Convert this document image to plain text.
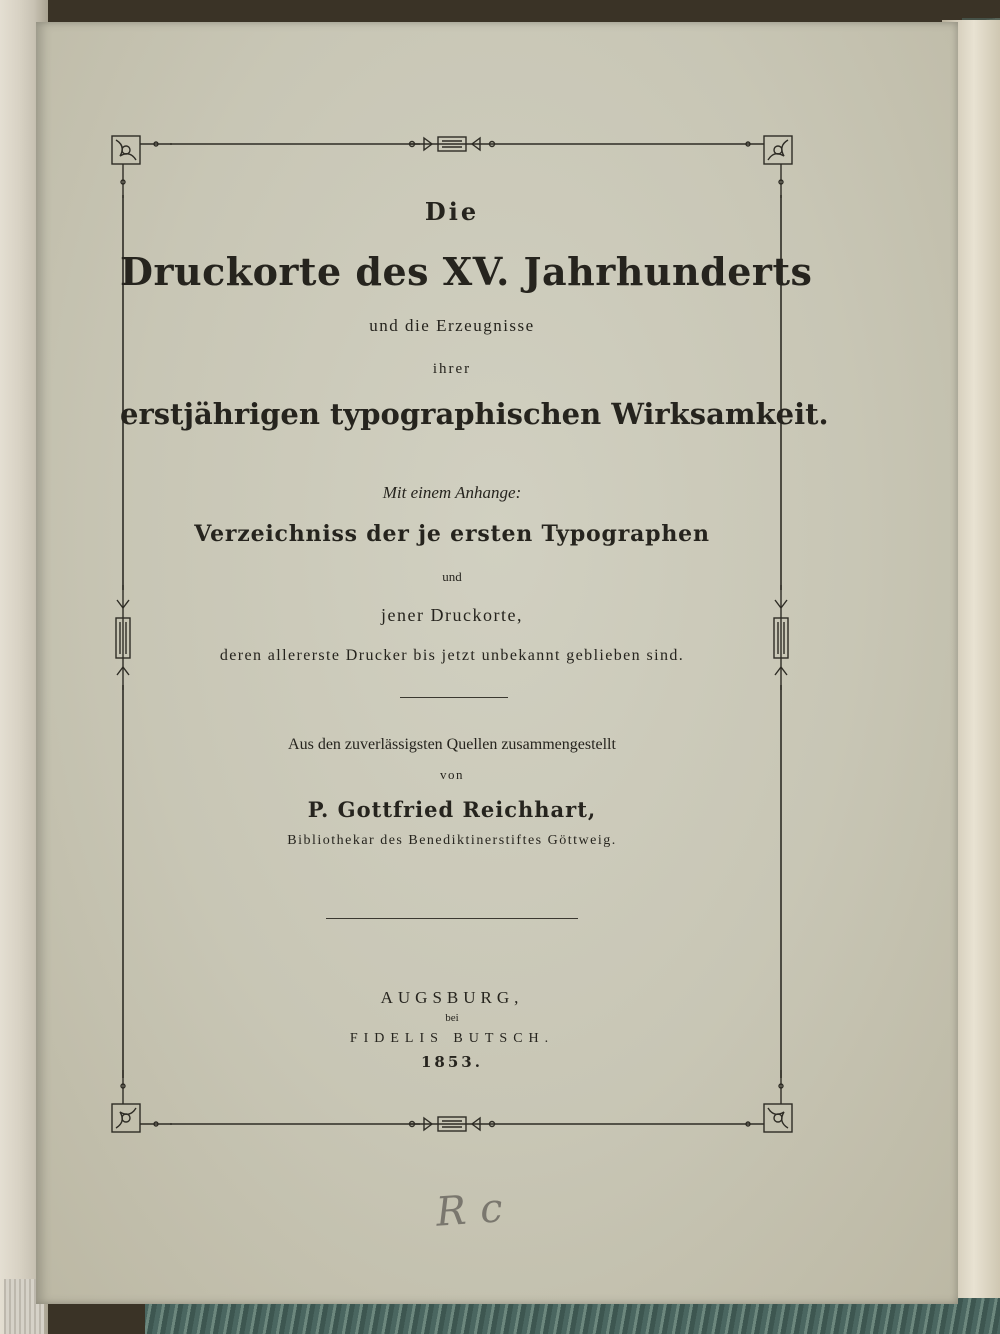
Die

Druckorte des XV. Jahrhunderts

und die Erzeugnisse

ihrer

erstjährigen typographischen Wirksamkeit.

Mit einem Anhange:

Verzeichniss der je ersten Typographen

und

jener Druckorte,

deren allererste Drucker bis jetzt unbekannt geblieben sind.

Aus den zuverlässigsten Quellen zusammengestellt

von

P. Gottfried Reichhart,

Bibliothekar des Benediktinerstiftes Göttweig.

AUGSBURG,

bei

FIDELIS BUTSCH.

1853.

Rc
